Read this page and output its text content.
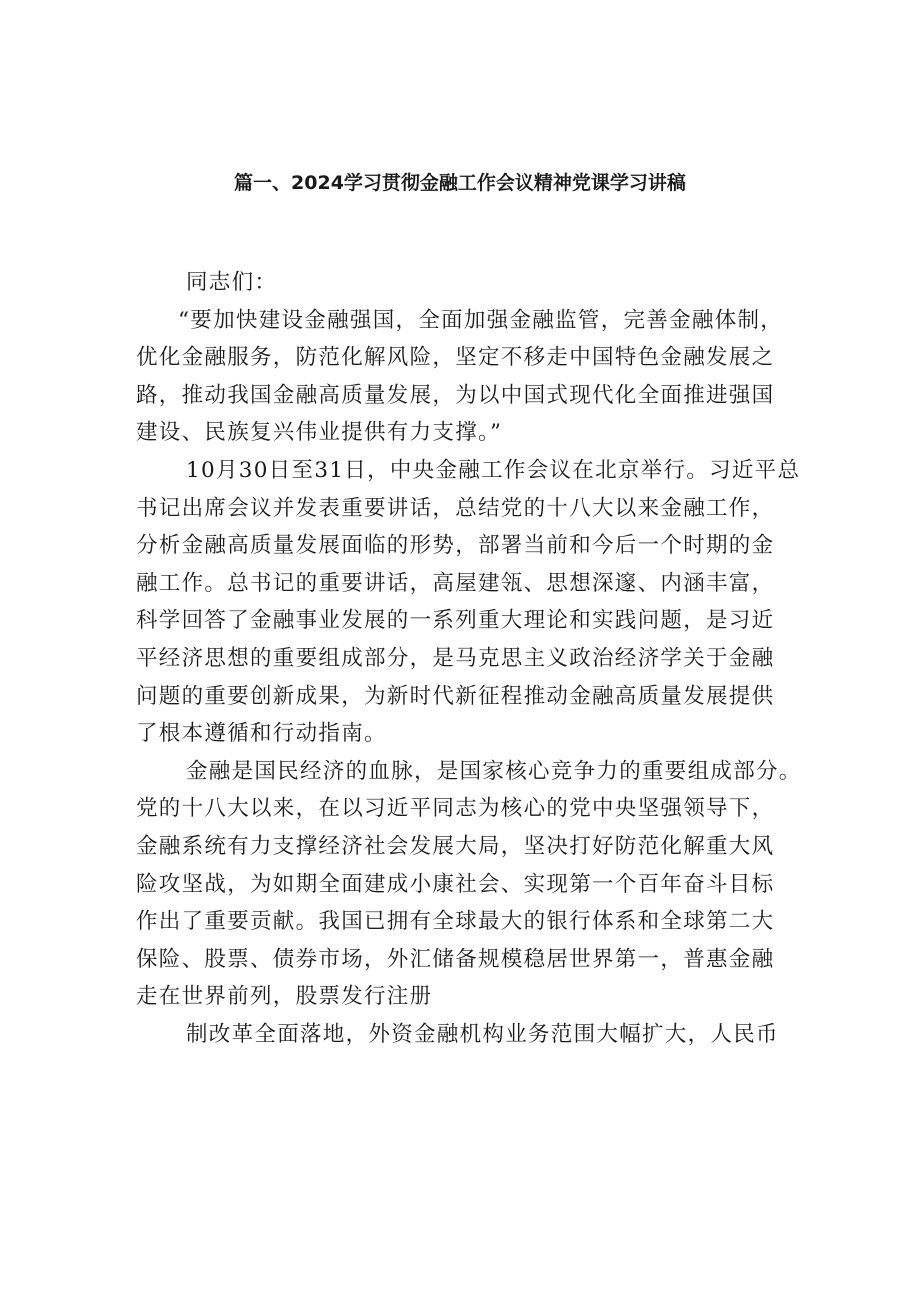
篇一、2024学习贯彻金融工作会议精神党课学习讲稿

同志们：

“要加快建设金融强国，全面加强金融监管，完善金融体制，
优化金融服务，防范化解风险，坚定不移走中国特色金融发展之
路，推动我国金融高质量发展，为以中国式现代化全面推进强国
建设、民族复兴伟业提供有力支撑。”

10月30日至31日，中央金融工作会议在北京举行。习近平总
书记出席会议并发表重要讲话，总结党的十八大以来金融工作，
分析金融高质量发展面临的形势，部署当前和今后一个时期的金
融工作。总书记的重要讲话，高屋建瓴、思想深邃、内涵丰富，
科学回答了金融事业发展的一系列重大理论和实践问题，是习近
平经济思想的重要组成部分，是马克思主义政治经济学关于金融
问题的重要创新成果，为新时代新征程推动金融高质量发展提供
了根本遵循和行动指南。

金融是国民经济的血脉，是国家核心竞争力的重要组成部分。
党的十八大以来，在以习近平同志为核心的党中央坚强领导下，
金融系统有力支撑经济社会发展大局，坚决打好防范化解重大风
险攻坚战，为如期全面建成小康社会、实现第一个百年奋斗目标
作出了重要贡献。我国已拥有全球最大的银行体系和全球第二大
保险、股票、债券市场，外汇储备规模稳居世界第一，普惠金融
走在世界前列，股票发行注册

制改革全面落地，外资金融机构业务范围大幅扩大，人民币
